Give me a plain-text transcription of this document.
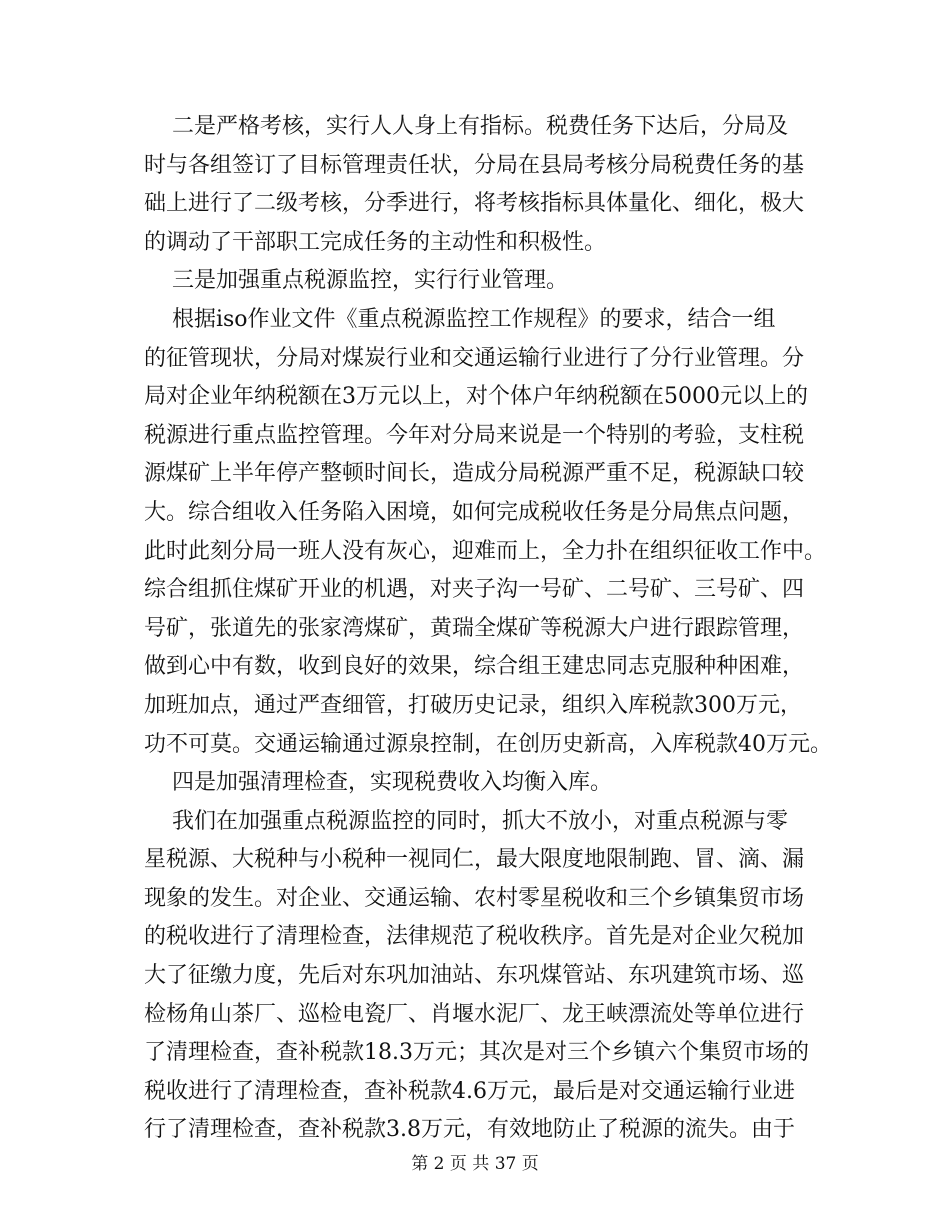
二是严格考核，实行人人身上有指标。税费任务下达后，分局及
时与各组签订了目标管理责任状，分局在县局考核分局税费任务的基
础上进行了二级考核，分季进行，将考核指标具体量化、细化，极大
的调动了干部职工完成任务的主动性和积极性。
三是加强重点税源监控，实行行业管理。
根据iso作业文件《重点税源监控工作规程》的要求，结合一组
的征管现状，分局对煤炭行业和交通运输行业进行了分行业管理。分
局对企业年纳税额在3万元以上，对个体户年纳税额在5000元以上的
税源进行重点监控管理。今年对分局来说是一个特别的考验，支柱税
源煤矿上半年停产整顿时间长，造成分局税源严重不足，税源缺口较
大。综合组收入任务陷入困境，如何完成税收任务是分局焦点问题，
此时此刻分局一班人没有灰心，迎难而上，全力扑在组织征收工作中。
综合组抓住煤矿开业的机遇，对夹子沟一号矿、二号矿、三号矿、四
号矿，张道先的张家湾煤矿，黄瑞全煤矿等税源大户进行跟踪管理，
做到心中有数，收到良好的效果，综合组王建忠同志克服种种困难，
加班加点，通过严查细管，打破历史记录，组织入库税款300万元，
功不可莫。交通运输通过源泉控制，在创历史新高，入库税款40万元。
四是加强清理检查，实现税费收入均衡入库。
我们在加强重点税源监控的同时，抓大不放小，对重点税源与零
星税源、大税种与小税种一视同仁，最大限度地限制跑、冒、滴、漏
现象的发生。对企业、交通运输、农村零星税收和三个乡镇集贸市场
的税收进行了清理检查，法律规范了税收秩序。首先是对企业欠税加
大了征缴力度，先后对东巩加油站、东巩煤管站、东巩建筑市场、巡
检杨角山茶厂、巡检电瓷厂、肖堰水泥厂、龙王峡漂流处等单位进行
了清理检查，查补税款18.3万元；其次是对三个乡镇六个集贸市场的
税收进行了清理检查，查补税款4.6万元，最后是对交通运输行业进
行了清理检查，查补税款3.8万元，有效地防止了税源的流失。由于
第 2 页 共 37 页
